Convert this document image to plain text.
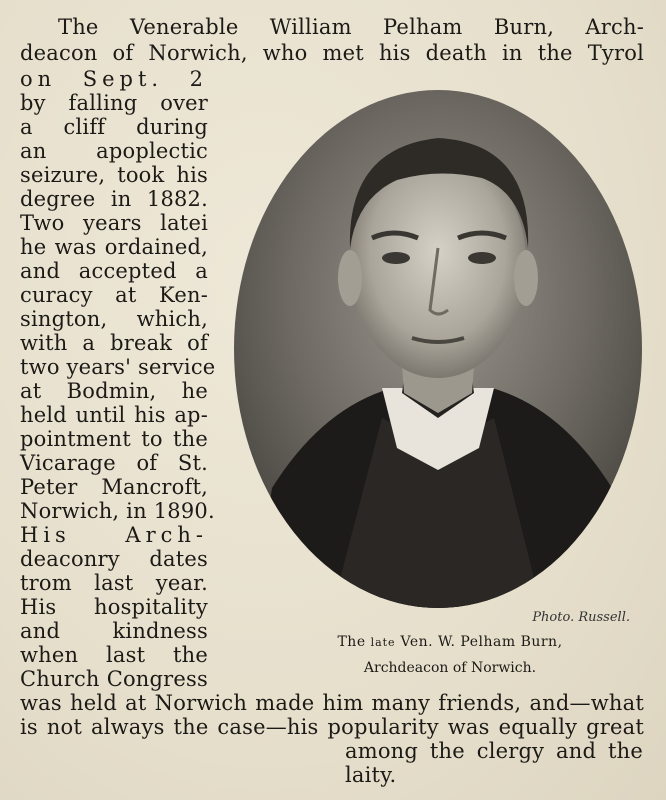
The Venerable William Pelham Burn, Arch-
deacon of Norwich, who met his death in the Tyrol
on Sept. 2
by falling over
a cliff during
an apoplectic
seizure, took his
degree in 1882.
Two years latei
he was ordained,
and accepted a
curacy at Ken-
sington, which,
with a break of
two years' service
at Bodmin, he
held until his ap-
pointment to the
Vicarage of St.
Peter Mancroft,
Norwich, in 1890.
His Arch-
deaconry dates
trom last year.
His hospitality
and kindness
when last the
Church Congress
was held at Norwich made him many friends, and—what
is not always the case—his popularity was equally great
among the clergy and the
laity.
Photo. Russell.
The late Ven. W. Pelham Burn,
Archdeacon of Norwich.
